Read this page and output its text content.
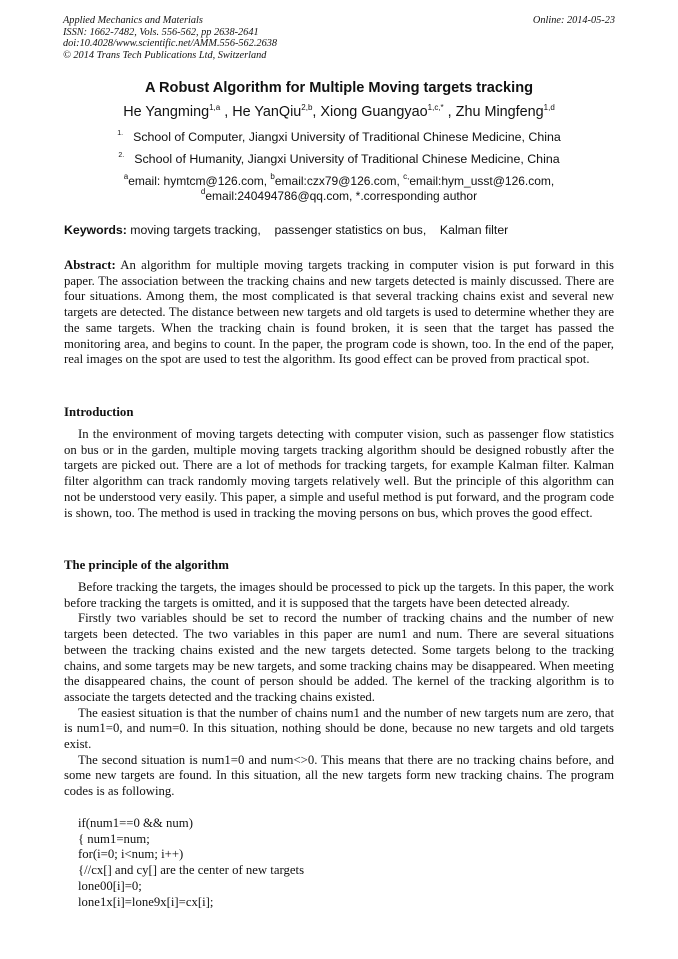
Applied Mechanics and Materials
ISSN: 1662-7482, Vols. 556-562, pp 2638-2641
doi:10.4028/www.scientific.net/AMM.556-562.2638
© 2014 Trans Tech Publications Ltd, Switzerland
Online: 2014-05-23
A Robust Algorithm for Multiple Moving targets tracking
He Yangming$^{1,a}$ , He YanQiu$^{2,b}$, Xiong Guangyao$^{1,c,*}$ , Zhu Mingfeng$^{1,d}$
$^{1.}$ School of Computer, Jiangxi University of Traditional Chinese Medicine, China
$^{2.}$ School of Humanity, Jiangxi University of Traditional Chinese Medicine, China
$^a$email: hymtcm@126.com, $^b$email:czx79@126.com, $^{c,}$email:hym_usst@126.com,
$^d$email:240494786@qq.com, *.corresponding author
Keywords: moving targets tracking,    passenger statistics on bus,    Kalman filter

Abstract: An algorithm for multiple moving targets tracking in computer vision is put forward in this paper. The association between the tracking chains and new targets detected is mainly discussed. There are four situations. Among them, the most complicated is that several tracking chains exist and several new targets are detected. The distance between new targets and old targets is used to determine whether they are the same targets. When the tracking chain is found broken, it is seen that the target has passed the monitoring area, and begins to count. In the paper, the program code is shown, too. In the end of the paper, real images on the spot are used to test the algorithm. Its good effect can be proved from practical spot.

Introduction

In the environment of moving targets detecting with computer vision, such as passenger flow statistics on bus or in the garden, multiple moving targets tracking algorithm should be designed robustly after the targets are picked out. There are a lot of methods for tracking targets, for example Kalman filter. Kalman filter algorithm can track randomly moving targets relatively well. But the principle of this algorithm can not be understood very easily. This paper, a simple and useful method is put forward, and the program code is shown, too. The method is used in tracking the moving persons on bus, which proves the good effect.

The principle of the algorithm

Before tracking the targets, the images should be processed to pick up the targets. In this paper, the work before tracking the targets is omitted, and it is supposed that the targets have been detected already.

Firstly two variables should be set to record the number of tracking chains and the number of new targets been detected. The two variables in this paper are num1 and num. There are several situations between the tracking chains existed and the new targets detected. Some targets belong to the tracking chains, and some targets may be new targets, and some tracking chains may be disappeared. When meeting the disappeared chains, the count of person should be added. The kernel of the tracking algorithm is to associate the targets detected and the tracking chains existed.

The easiest situation is that the number of chains num1 and the number of new targets num are zero, that is num1=0, and num=0. In this situation, nothing should be done, because no new targets and old targets exist.

The second situation is num1=0 and num<>0. This means that there are no tracking chains before, and some new targets are found. In this situation, all the new targets form new tracking chains. The program codes is as following.

if(num1==0 && num)
{ num1=num;
for(i=0; i<num; i++)
{//cx[] and cy[] are the center of new targets
lone00[i]=0;
lone1x[i]=lone9x[i]=cx[i];
